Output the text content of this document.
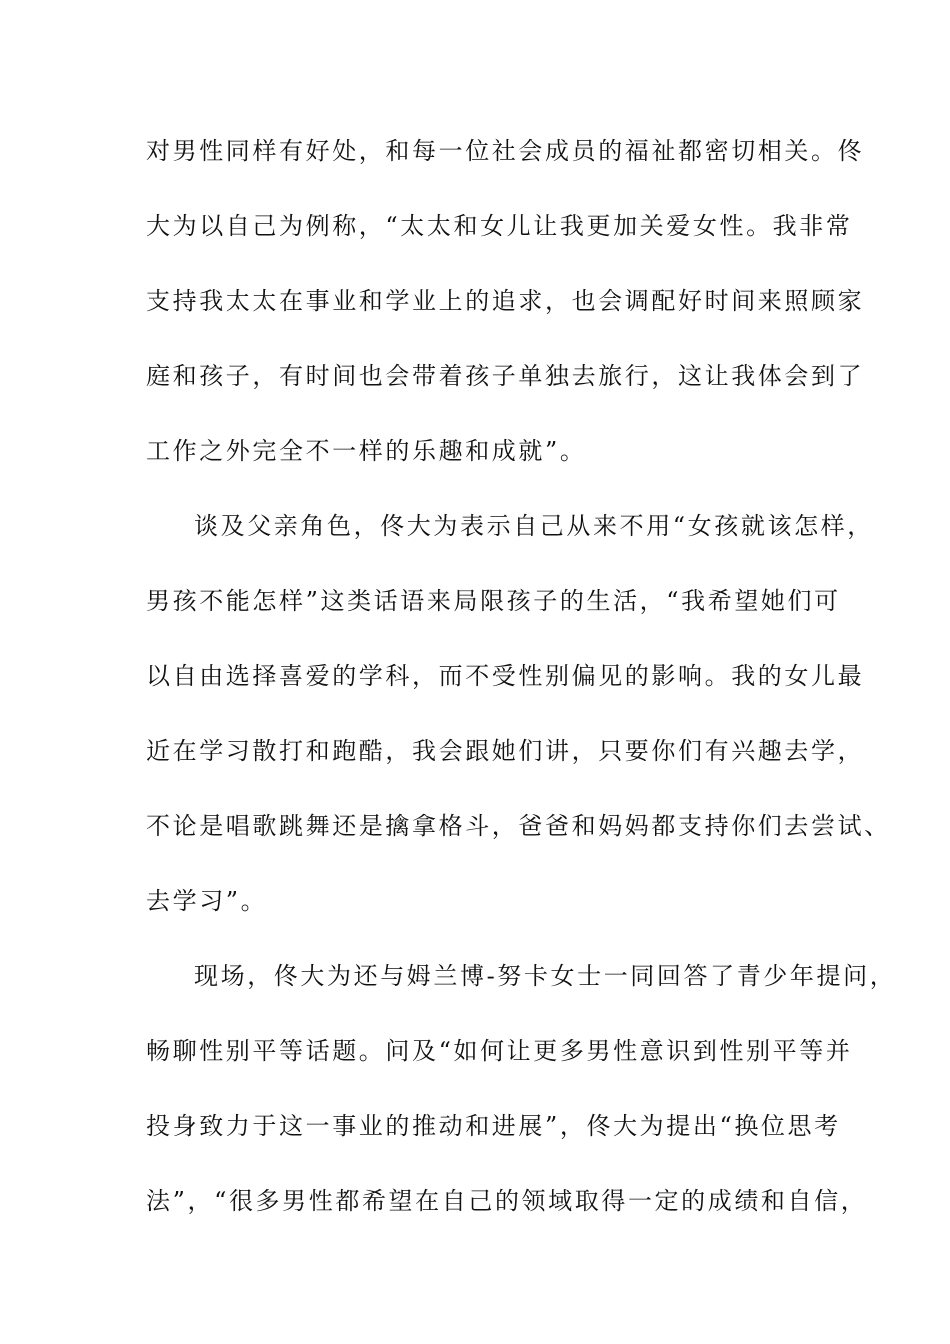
对男性同样有好处，和每一位社会成员的福祉都密切相关。佟
大为以自己为例称，“太太和女儿让我更加关爱女性。我非常
支持我太太在事业和学业上的追求，也会调配好时间来照顾家
庭和孩子，有时间也会带着孩子单独去旅行，这让我体会到了
工作之外完全不一样的乐趣和成就”。
谈及父亲角色，佟大为表示自己从来不用“女孩就该怎样，
男孩不能怎样”这类话语来局限孩子的生活，“我希望她们可
以自由选择喜爱的学科，而不受性别偏见的影响。我的女儿最
近在学习散打和跑酷，我会跟她们讲，只要你们有兴趣去学，
不论是唱歌跳舞还是擒拿格斗，爸爸和妈妈都支持你们去尝试、
去学习”。
现场，佟大为还与姆兰博-努卡女士一同回答了青少年提问，
畅聊性别平等话题。问及“如何让更多男性意识到性别平等并
投身致力于这一事业的推动和进展”，佟大为提出“换位思考
法”，“很多男性都希望在自己的领域取得一定的成绩和自信，
